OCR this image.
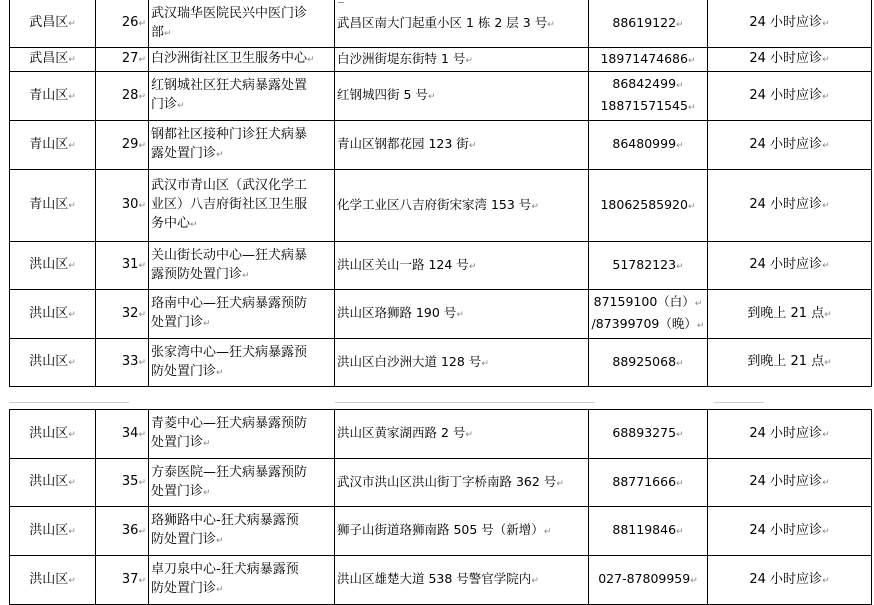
武昌区↵	26↵	武汉瑞华医院民兴中医门诊
部↵	武昌区南大门起重小区 1 栋 2 层 3 号↵	88619122↵	24 小时应诊↵
武昌区↵	27↵	白沙洲街社区卫生服务中心↵	白沙洲街堤东街特 1 号↵	18971474686↵	24 小时应诊↵
青山区↵	28↵	红钢城社区狂犬病暴露处置
门诊↵	红钢城四街 5 号↵	86842499↵
18871571545↵	24 小时应诊↵
青山区↵	29↵	钢都社区接种门诊狂犬病暴
露处置门诊↵	青山区钢都花园 123 街↵	86480999↵	24 小时应诊↵
青山区↵	30↵	武汉市青山区（武汉化学工
业区）八吉府街社区卫生服
务中心↵	化学工业区八吉府街宋家湾 153 号↵	18062585920↵	24 小时应诊↵
洪山区↵	31↵	关山街长动中心—狂犬病暴
露预防处置门诊↵	洪山区关山一路 124 号↵	51782123↵	24 小时应诊↵
洪山区↵	32↵	珞南中心—狂犬病暴露预防
处置门诊↵	洪山区珞狮路 190 号↵	87159100（白）↵
/87399709（晚）↵	到晚上 21 点↵
洪山区↵	33↵	张家湾中心—狂犬病暴露预
防处置门诊↵	洪山区白沙洲大道 128 号↵	88925068↵	到晚上 21 点↵
洪山区↵	34↵	青菱中心—狂犬病暴露预防
处置门诊↵	洪山区黄家湖西路 2 号↵	68893275↵	24 小时应诊↵
洪山区↵	35↵	方泰医院—狂犬病暴露预防
处置门诊↵	武汉市洪山区洪山街丁字桥南路 362 号↵	88771666↵	24 小时应诊↵
洪山区↵	36↵	珞狮路中心-狂犬病暴露预
防处置门诊↵	狮子山街道珞狮南路 505 号（新增）↵	88119846↵	24 小时应诊↵
洪山区↵	37↵	卓刀泉中心-狂犬病暴露预
防处置门诊↵	洪山区雄楚大道 538 号警官学院内↵	027-87809959↵	24 小时应诊↵
